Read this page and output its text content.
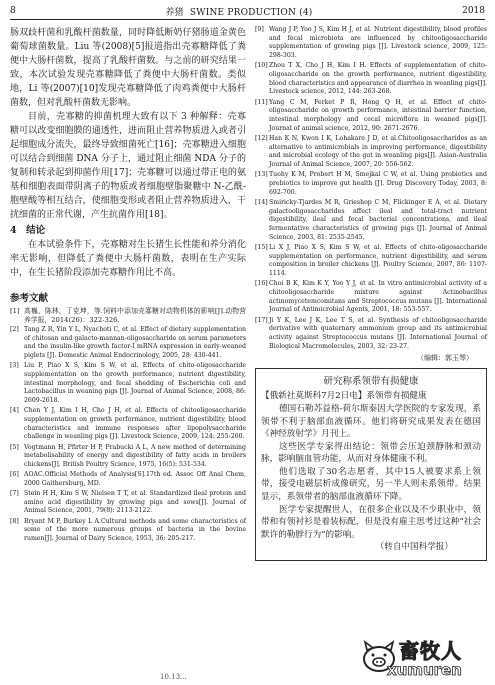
8	养猪 SWINE PRODUCTION (4)	2018

肠双歧杆菌和乳酸杆菌数量，同时降低断奶仔猪肠道金黄色葡萄球菌数量。Liu 等(2008)[5]报道指出壳寡糖降低了粪便中大肠杆菌数，提高了乳酸杆菌数。与之前的研究结果一致，本次试验发现壳寡糖降低了粪便中大肠杆菌数。类似地，Li 等(2007)[10]发现壳寡糖降低了肉鸡粪便中大肠杆菌数，但对乳酸杆菌数无影响。

目前，壳寡糖的抑菌机理大致有以下 3 种解释：壳寡糖可以改变细胞膜的通透性，进而阻止营养物质进入或者引起细胞成分流失，最终导致细菌死亡[16]；壳寡糖进入细胞可以结合到细菌 DNA 分子上，通过阻止细菌 NDA 分子的复制和转录起到抑菌作用[17]；壳寡糖可以通过带正电的氨基和细胞表面带阴离子的物质或者细胞壁脂聚糖中 N-乙酰-胞壁酸等相互结合，使细胞变形或者阻止营养物质进入，干扰细菌的正常代谢，产生抗菌作用[18]。

4　结论

在本试验条件下，壳寡糖对生长猪生长性能和养分消化率无影响，但降低了粪便中大肠杆菌数，表明在生产实际中，在生长猪阶段添加壳寡糖作用比不高。

参考文献
[1] 高巍，陈林，丁克坤，等.饲料中添加壳寡糖对动物机体的影响[J].动物营养学报，2014(26)：322-326.
[2] Tang Z R, Yin Y L, Nyachoti C, et al. Effect of dietary supplementation of chitosan and galacto-mannan-oligosaccharide on serum parameters and the insulin-like growth factor-I mRNA expression in early-weaned piglets [J]. Domestic Animal Endocrinology, 2005, 28: 430-441.
[3] Liu P, Piao X S, Kim S W, et al. Effects of chito-oligosaccharide supplementation on the growth performance, nutrient digestibility, intestinal morphology, and fecal shedding of Escherichia coli and Lactobacillus in weaning pigs [J]. Journal of Animal Science, 2008, 86: 2609-2618.
[4] Chen Y J, Kim I H, Cho J H, et al. Effects of chitooligosaccharide supplementation on growth performance, nutrient digestibility, blood characteristics and immune responses after lipopolysaccharide challenge in weanling pigs [J]. Livestock Science, 2009, 124: 255-260.
[5] Vogtmann H, Pfirter H P, Prabucki A L, A new method of determining metabolisability of energy and digestibility of fatty acids in broilers chickens[J]. British Poultry Science, 1975, 16(5): 531-534.
[6] AOAC.Official Methods of Analysis[S].17th ed. Assoc Off Anal Chem, 2000 Gaithersburg, MD.
[7] Stein H H, Kim S W, Nielsen T T, et al. Standardized ileal protein and amino acid digestibility by growing pigs and sows[J]. Journal of Animal Science, 2001, 79(8): 2113-2122.
[8] Bryant M P, Burkey L A.Cultural methods and some characteristics of some of the more numerous groups of bacteria in the bovine rumen[J]. Journal of Dairy Science, 1953, 36: 205-217.
[9] Wang J P, Yoo J S, Kim H J, et al. Nutrient digestibility, blood profiles and fecal microbiota are influenced by chitooligosaccharide supplementation of growing pigs [J]. Livestock science, 2009, 125: 298-303.
[10] Zhou T X, Cho J H, Kim I H. Effects of supplementation of chito-oligosaccharide on the growth performance, nutrient digestibility, blood characteristics and appearance of diarrhea in weanling pigs[J]. Livestock science, 2012, 144: 263-268.
[11] Yang C M, Ferket P R, Hong Q H, et al. Effect of chito-oligosaccharide on growth performance, intestinal barrier function, intestinal morphology and cecal microflora in weaned pigs[J]. Journal of animal science, 2012, 90: 2671-2676.
[12] Han K N, Kwon I K, Lohakare J D, et al.Chitooligosaccharides as an alternative to antimicrobials in improving performance, digestibility and microbial ecology of the gut in weanling pigs[J]. Asian-Australia Journal of Animal Science, 2007, 20: 556-562.
[13] Tuohy K M, Probert H M, Smejkal C W, et al. Using probiotics and prebiotics to improve gut health [J]. Drug Discovery Today, 2003, 8: 692-700.
[14] Smiricky-Tjardes M R, Grieshop C M, Flickinger E A, et al. Dietary galactooligosaccharides affect ileal and total-tract nutrient digestibility, ileal and fecal bacterial concentrations, and ileal fermentative characteristics of growing pigs [J]. Journal of Animal Science, 2003, 81: 2535-2545.
[15] Li X J, Piao X S, Kim S W, et al. Effects of chito-oligosaccharide supplementation on performance, nutrient digestibility, and serum composition in broiler chickens [J]. Poultry Science, 2007, 86: 1107-1114.
[16] Choi B K, Kim K Y, Yoo Y J, et al. In vitro antimicrobial activity of a chitooligosaccharide mixture against Actinobacillus actinomycetemcomitans and Streptococcus mutans [J]. International Journal of Antimicrobial Agents, 2001, 18: 553-557.
[17] Ji Y K, Lee J K, Lee T S, et al. Synthesis of chitooligosaccharide derivative with quaternary ammonium group and its antimicrobial activity against Streptococcus mutans [J]. International Journal of Biological Macromolecules, 2003, 32: 23-27.
（编辑：郭玉琴）
研究称系领带有损健康

【俄新社莫斯科7月2日电】系领带有损健康

德国石勒苏益格-荷尔斯泰因大学医院的专家发现，系领带不利于脑部血液循环。他们将研究成果发表在德国《神经放射学》月刊上。

这些医学专家得出结论：领带会压迫颈静脉和颈动脉，影响脑血管功能，从而对身体健康不利。

他们选取了30名志愿者，其中15人被要求系上领带，接受电磁层析成像研究，另一半人则未系领带。结果显示，系领带者的脑部血液循环下降。

医学专家提醒世人，在很多企业以及不少职业中，领带和有领衬衫是着装标配，但是没有雇主思考过这种“社会默许的勒脖行为”的影响。

（转自中国科学报）
10.13...
畜牧人
xumuren
